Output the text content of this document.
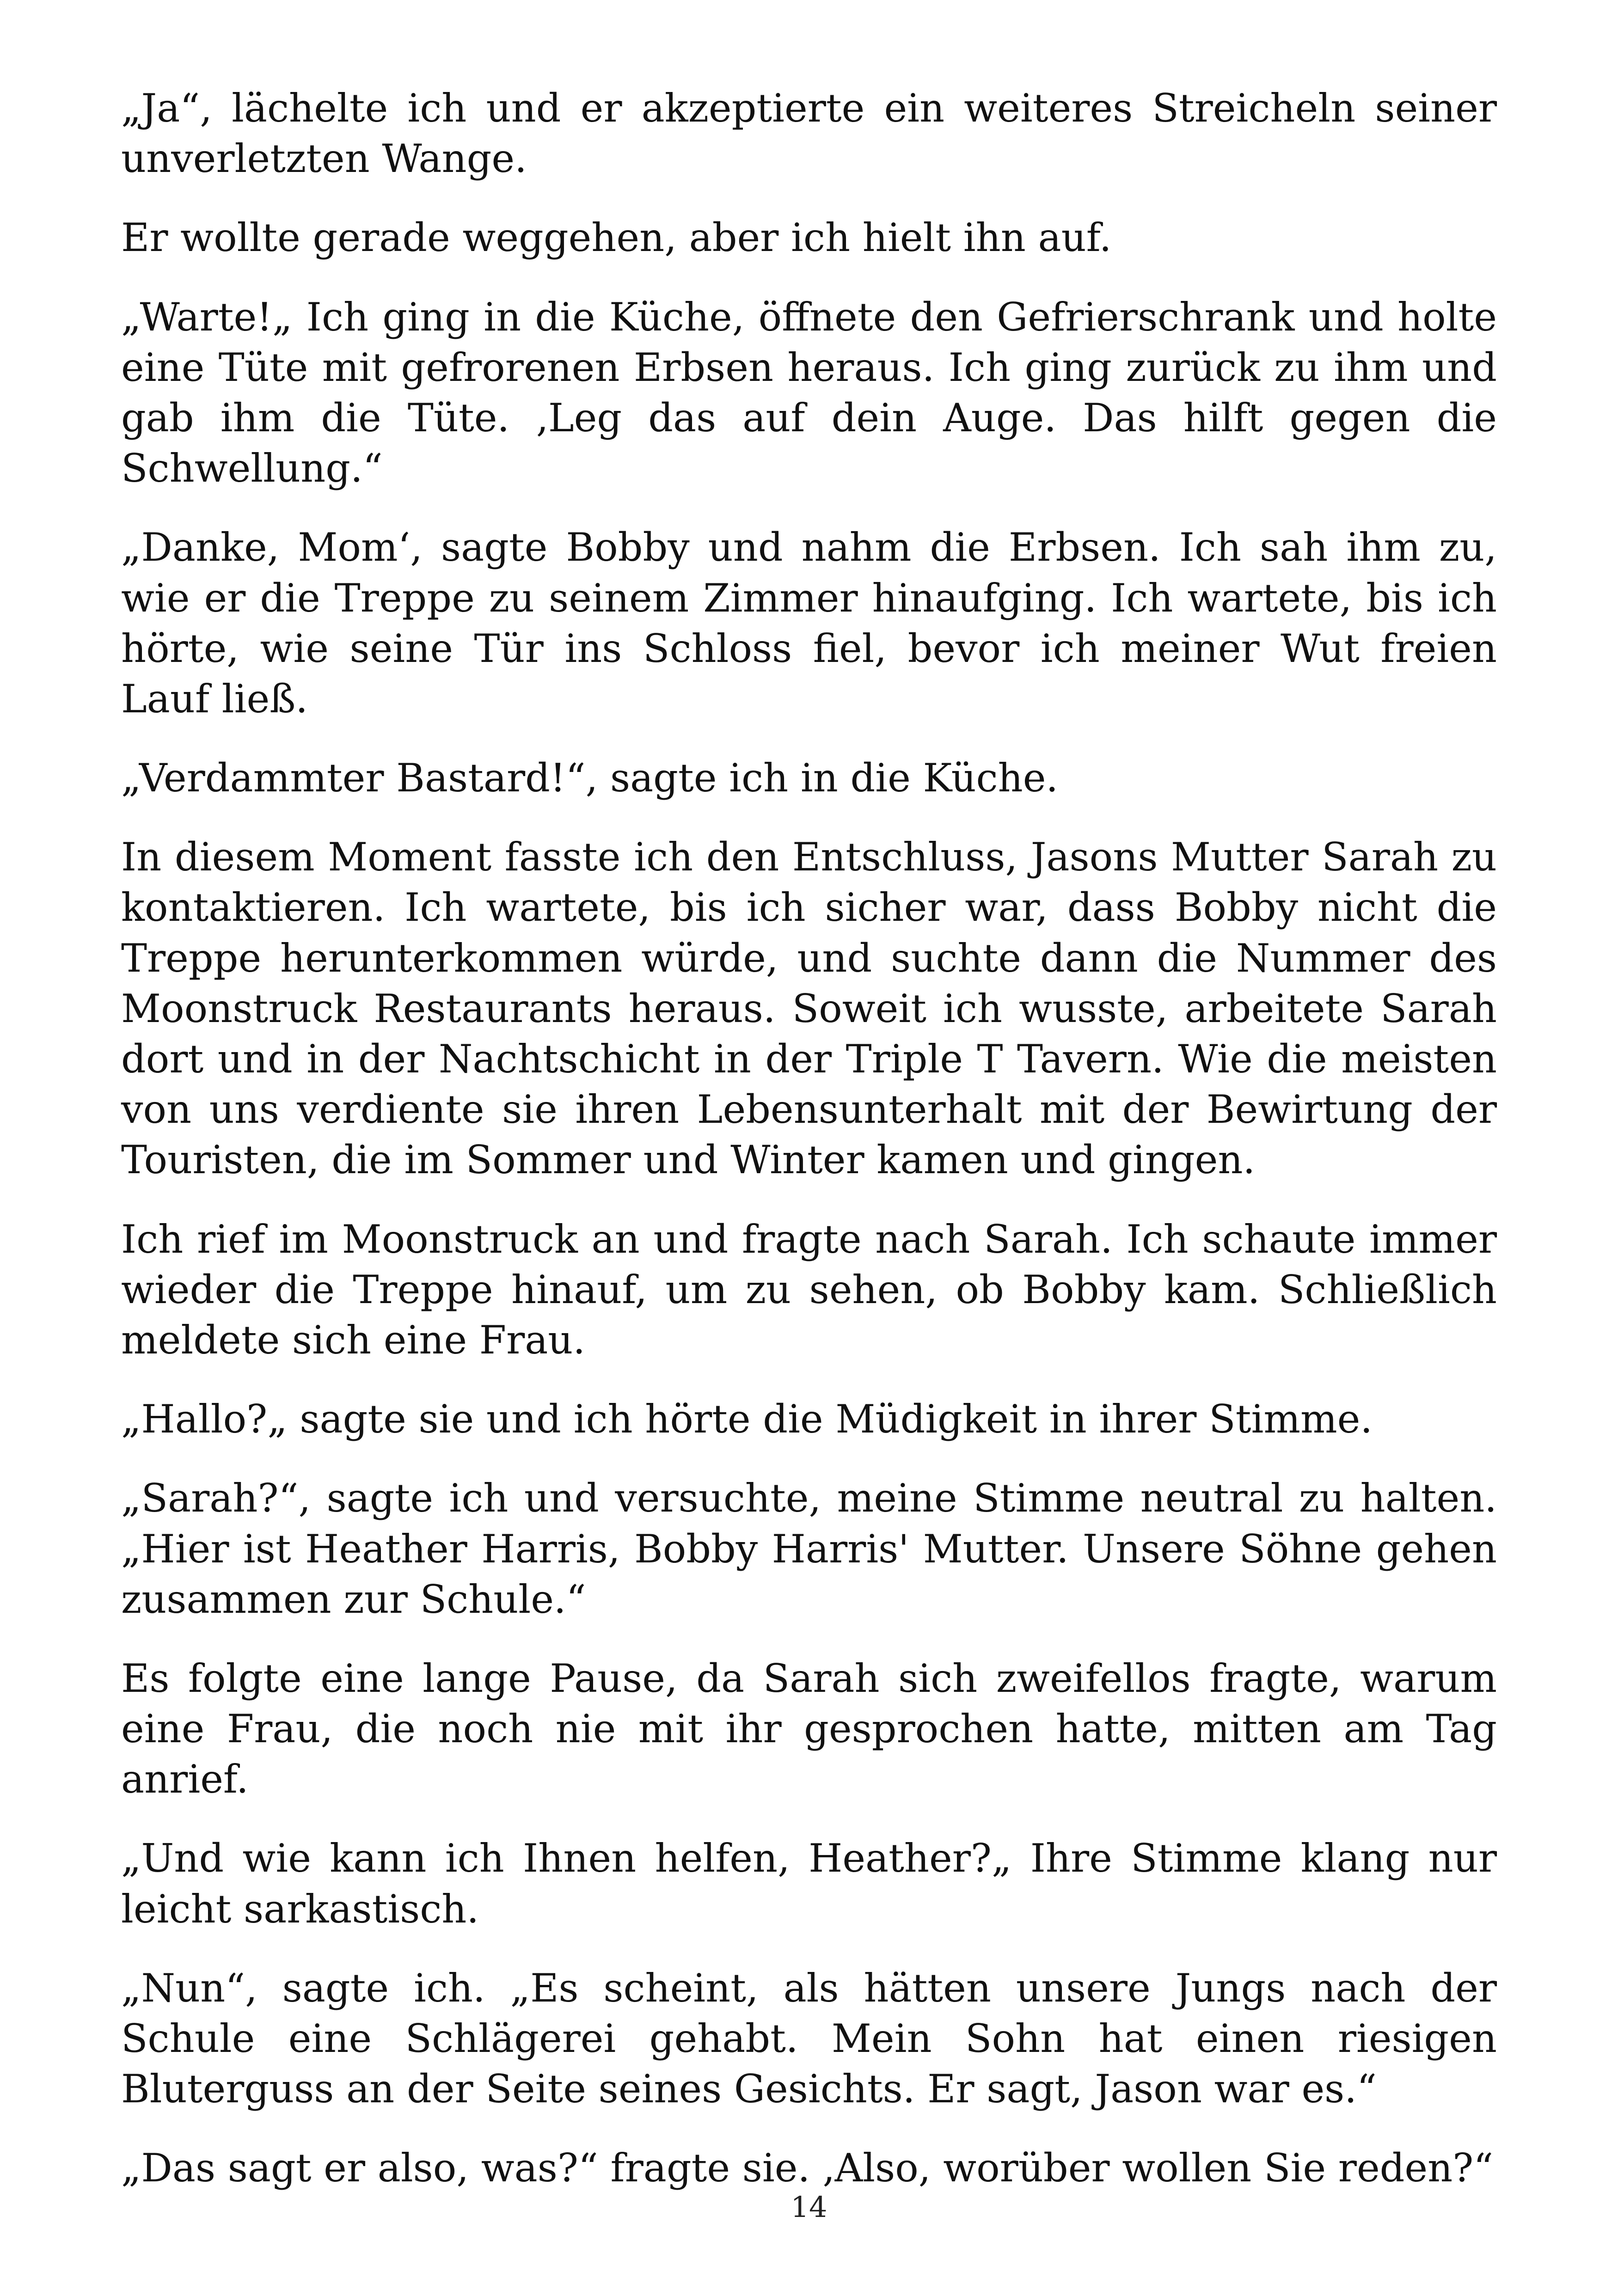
„Ja“, lächelte ich und er akzeptierte ein weiteres Streicheln seiner unverletzten Wange.

Er wollte gerade weggehen, aber ich hielt ihn auf.

„Warte!„ Ich ging in die Küche, öffnete den Gefrierschrank und holte eine Tüte mit gefrorenen Erbsen heraus. Ich ging zurück zu ihm und gab ihm die Tüte. ‚Leg das auf dein Auge. Das hilft gegen die Schwellung.“

„Danke, Mom‘, sagte Bobby und nahm die Erbsen. Ich sah ihm zu, wie er die Treppe zu seinem Zimmer hinaufging. Ich wartete, bis ich hörte, wie seine Tür ins Schloss fiel, bevor ich meiner Wut freien Lauf ließ.

„Verdammter Bastard!“, sagte ich in die Küche.

In diesem Moment fasste ich den Entschluss, Jasons Mutter Sarah zu kontaktieren. Ich wartete, bis ich sicher war, dass Bobby nicht die Treppe herunterkommen würde, und suchte dann die Nummer des Moonstruck Restaurants heraus. Soweit ich wusste, arbeitete Sarah dort und in der Nachtschicht in der Triple T Tavern. Wie die meisten von uns verdiente sie ihren Lebensunterhalt mit der Bewirtung der Touristen, die im Sommer und Winter kamen und gingen.

Ich rief im Moonstruck an und fragte nach Sarah. Ich schaute immer wieder die Treppe hinauf, um zu sehen, ob Bobby kam. Schließlich meldete sich eine Frau.

„Hallo?„ sagte sie und ich hörte die Müdigkeit in ihrer Stimme.

„Sarah?“, sagte ich und versuchte, meine Stimme neutral zu halten. „Hier ist Heather Harris, Bobby Harris' Mutter. Unsere Söhne gehen zusammen zur Schule.“

Es folgte eine lange Pause, da Sarah sich zweifellos fragte, warum eine Frau, die noch nie mit ihr gesprochen hatte, mitten am Tag anrief.

„Und wie kann ich Ihnen helfen, Heather?„ Ihre Stimme klang nur leicht sarkastisch.

„Nun“, sagte ich. „Es scheint, als hätten unsere Jungs nach der Schule eine Schlägerei gehabt. Mein Sohn hat einen riesigen Bluterguss an der Seite seines Gesichts. Er sagt, Jason war es.“

„Das sagt er also, was?“ fragte sie. ‚Also, worüber wollen Sie reden?“

14
